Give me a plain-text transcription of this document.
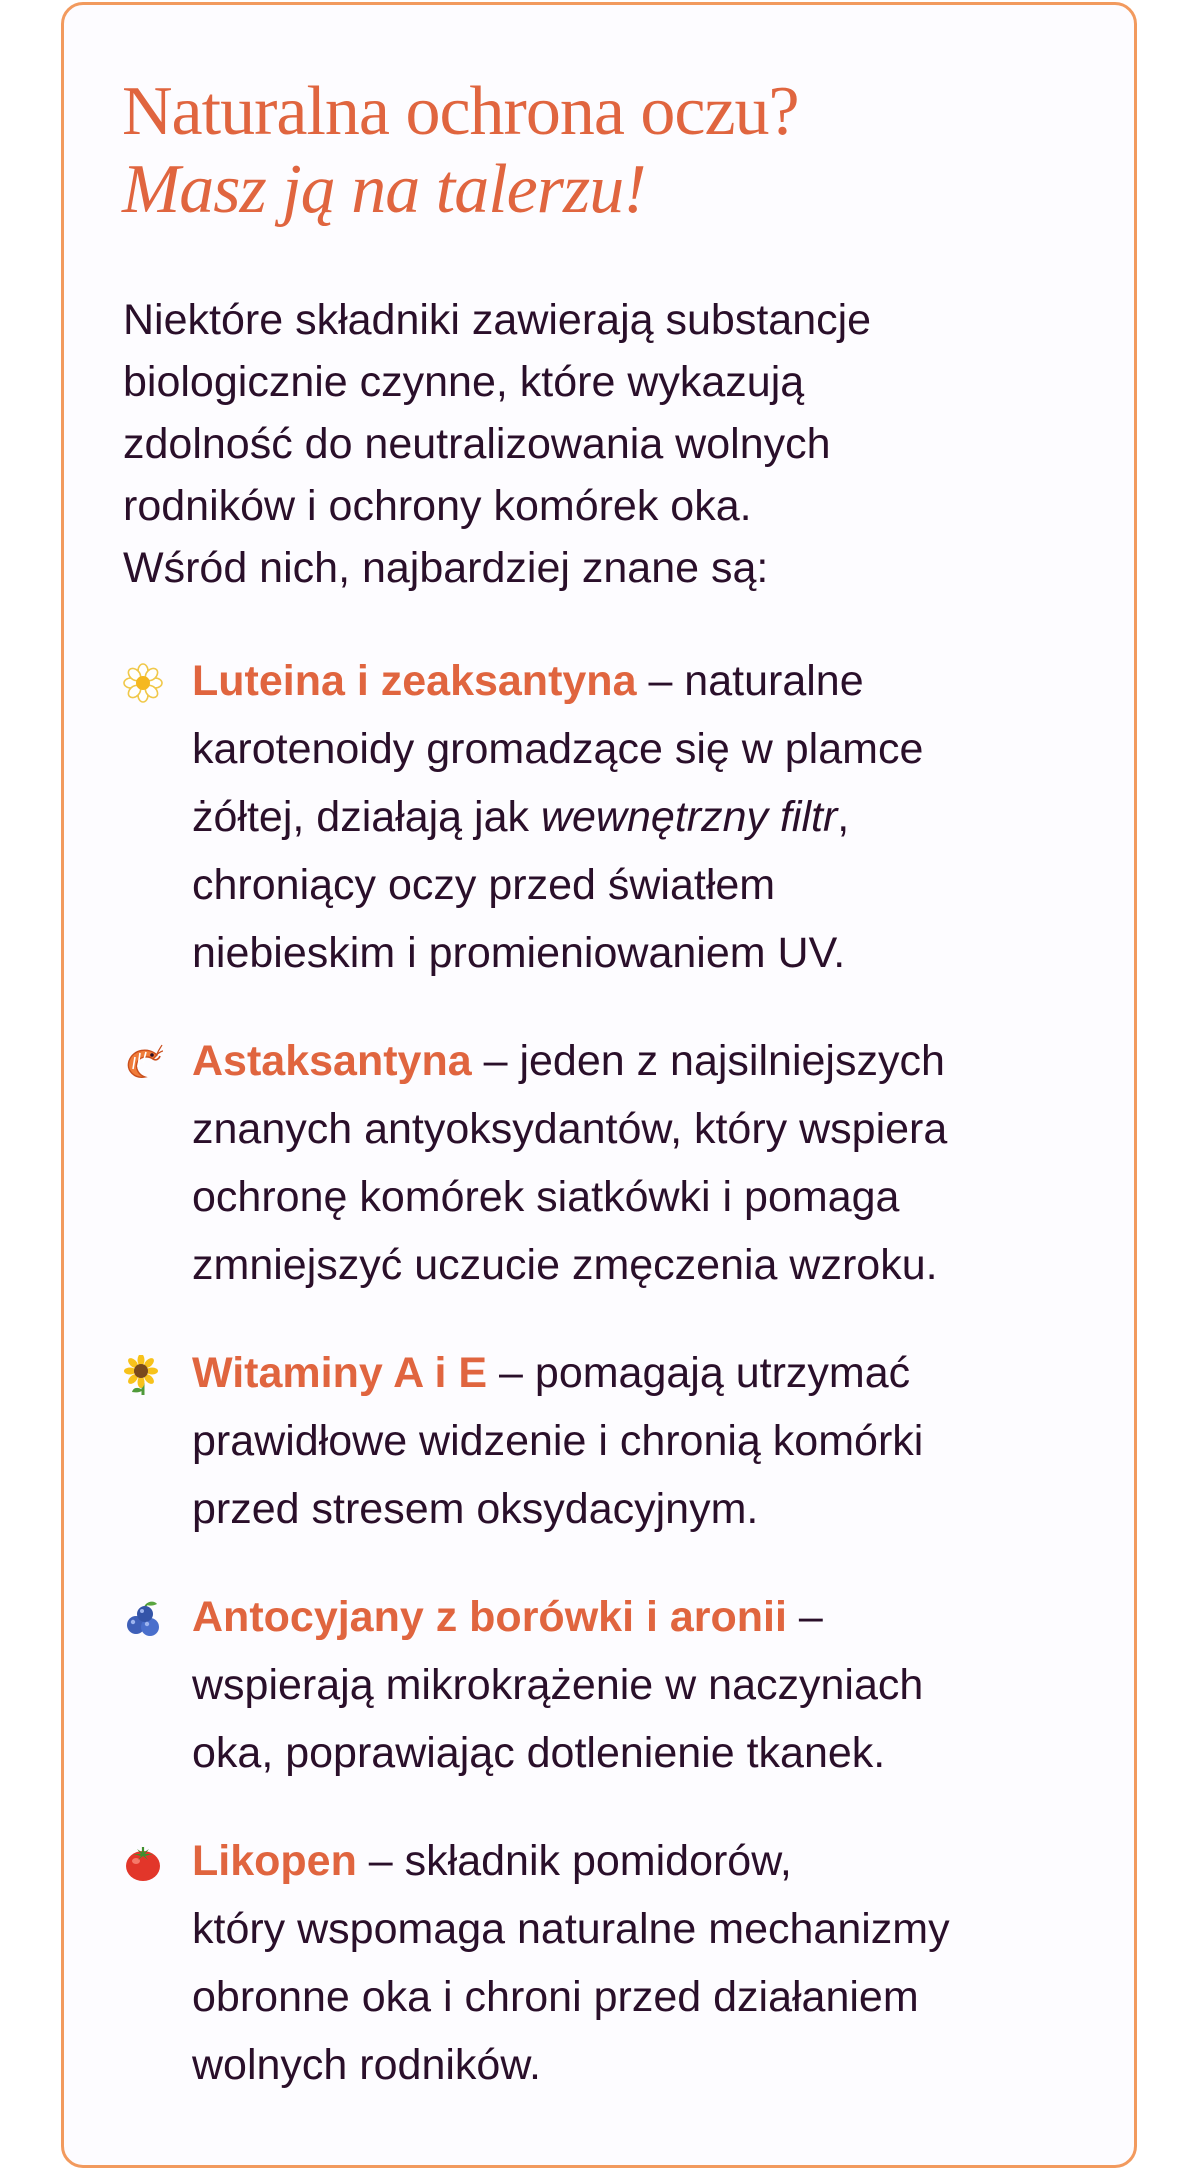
Naturalna ochrona oczu?
Masz ją na talerzu!

Niektóre składniki zawierają substancje
biologicznie czynne, które wykazują
zdolność do neutralizowania wolnych
rodników i ochrony komórek oka.
Wśród nich, najbardziej znane są:

Luteina i zeaksantyna – naturalne
karotenoidy gromadzące się w plamce
żółtej, działają jak wewnętrzny filtr,
chroniący oczy przed światłem
niebieskim i promieniowaniem UV.

Astaksantyna – jeden z najsilniejszych
znanych antyoksydantów, który wspiera
ochronę komórek siatkówki i pomaga
zmniejszyć uczucie zmęczenia wzroku.

Witaminy A i E – pomagają utrzymać
prawidłowe widzenie i chronią komórki
przed stresem oksydacyjnym.

Antocyjany z borówki i aronii –
wspierają mikrokrążenie w naczyniach
oka, poprawiając dotlenienie tkanek.

Likopen – składnik pomidorów,
który wspomaga naturalne mechanizmy
obronne oka i chroni przed działaniem
wolnych rodników.
